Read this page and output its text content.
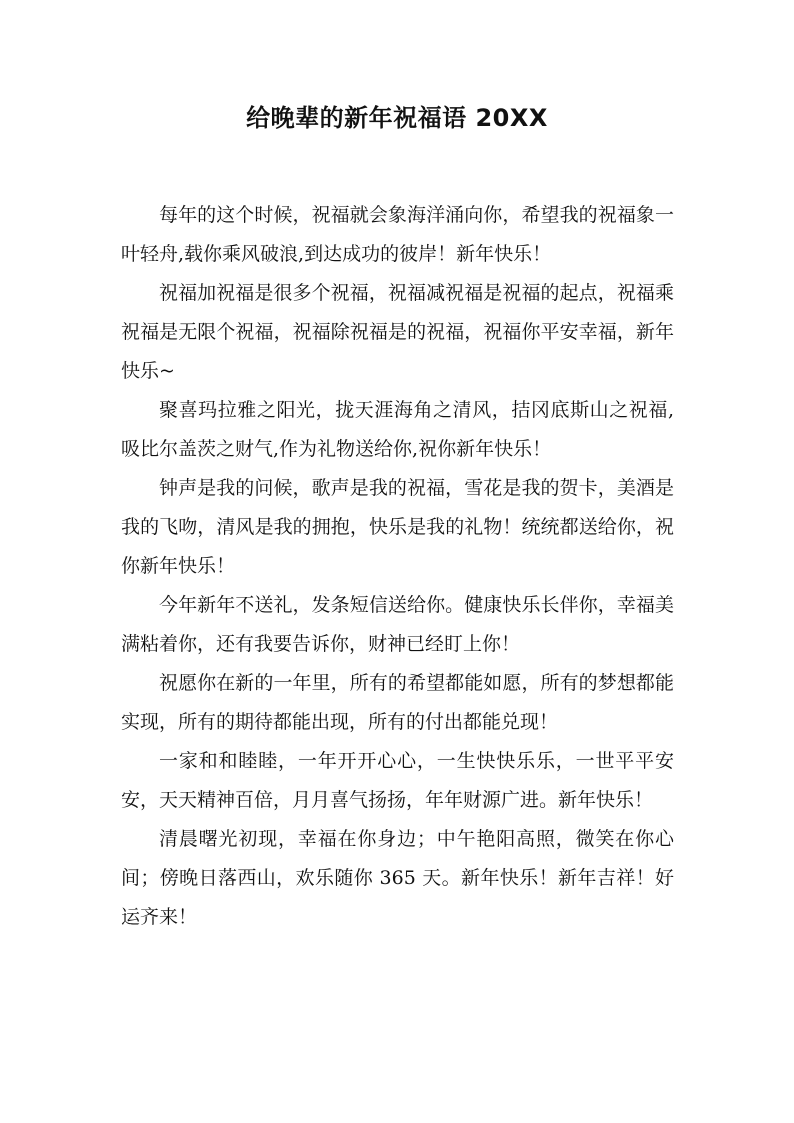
给晚辈的新年祝福语 20XX

每年的这个时候，祝福就会象海洋涌向你，希望我的祝福象一叶轻舟,载你乘风破浪,到达成功的彼岸！新年快乐！

祝福加祝福是很多个祝福，祝福减祝福是祝福的起点，祝福乘祝福是无限个祝福，祝福除祝福是的祝福，祝福你平安幸福，新年快乐~

聚喜玛拉雅之阳光，拢天涯海角之清风，拮冈底斯山之祝福,吸比尔盖茨之财气,作为礼物送给你,祝你新年快乐！

钟声是我的问候，歌声是我的祝福，雪花是我的贺卡，美酒是我的飞吻，清风是我的拥抱，快乐是我的礼物！统统都送给你，祝你新年快乐！

今年新年不送礼，发条短信送给你。健康快乐长伴你，幸福美满粘着你，还有我要告诉你，财神已经盯上你！

祝愿你在新的一年里，所有的希望都能如愿，所有的梦想都能实现，所有的期待都能出现，所有的付出都能兑现！

一家和和睦睦，一年开开心心，一生快快乐乐，一世平平安安，天天精神百倍，月月喜气扬扬，年年财源广进。新年快乐！

清晨曙光初现，幸福在你身边；中午艳阳高照，微笑在你心间；傍晚日落西山，欢乐随你 365 天。新年快乐！新年吉祥！好运齐来！
